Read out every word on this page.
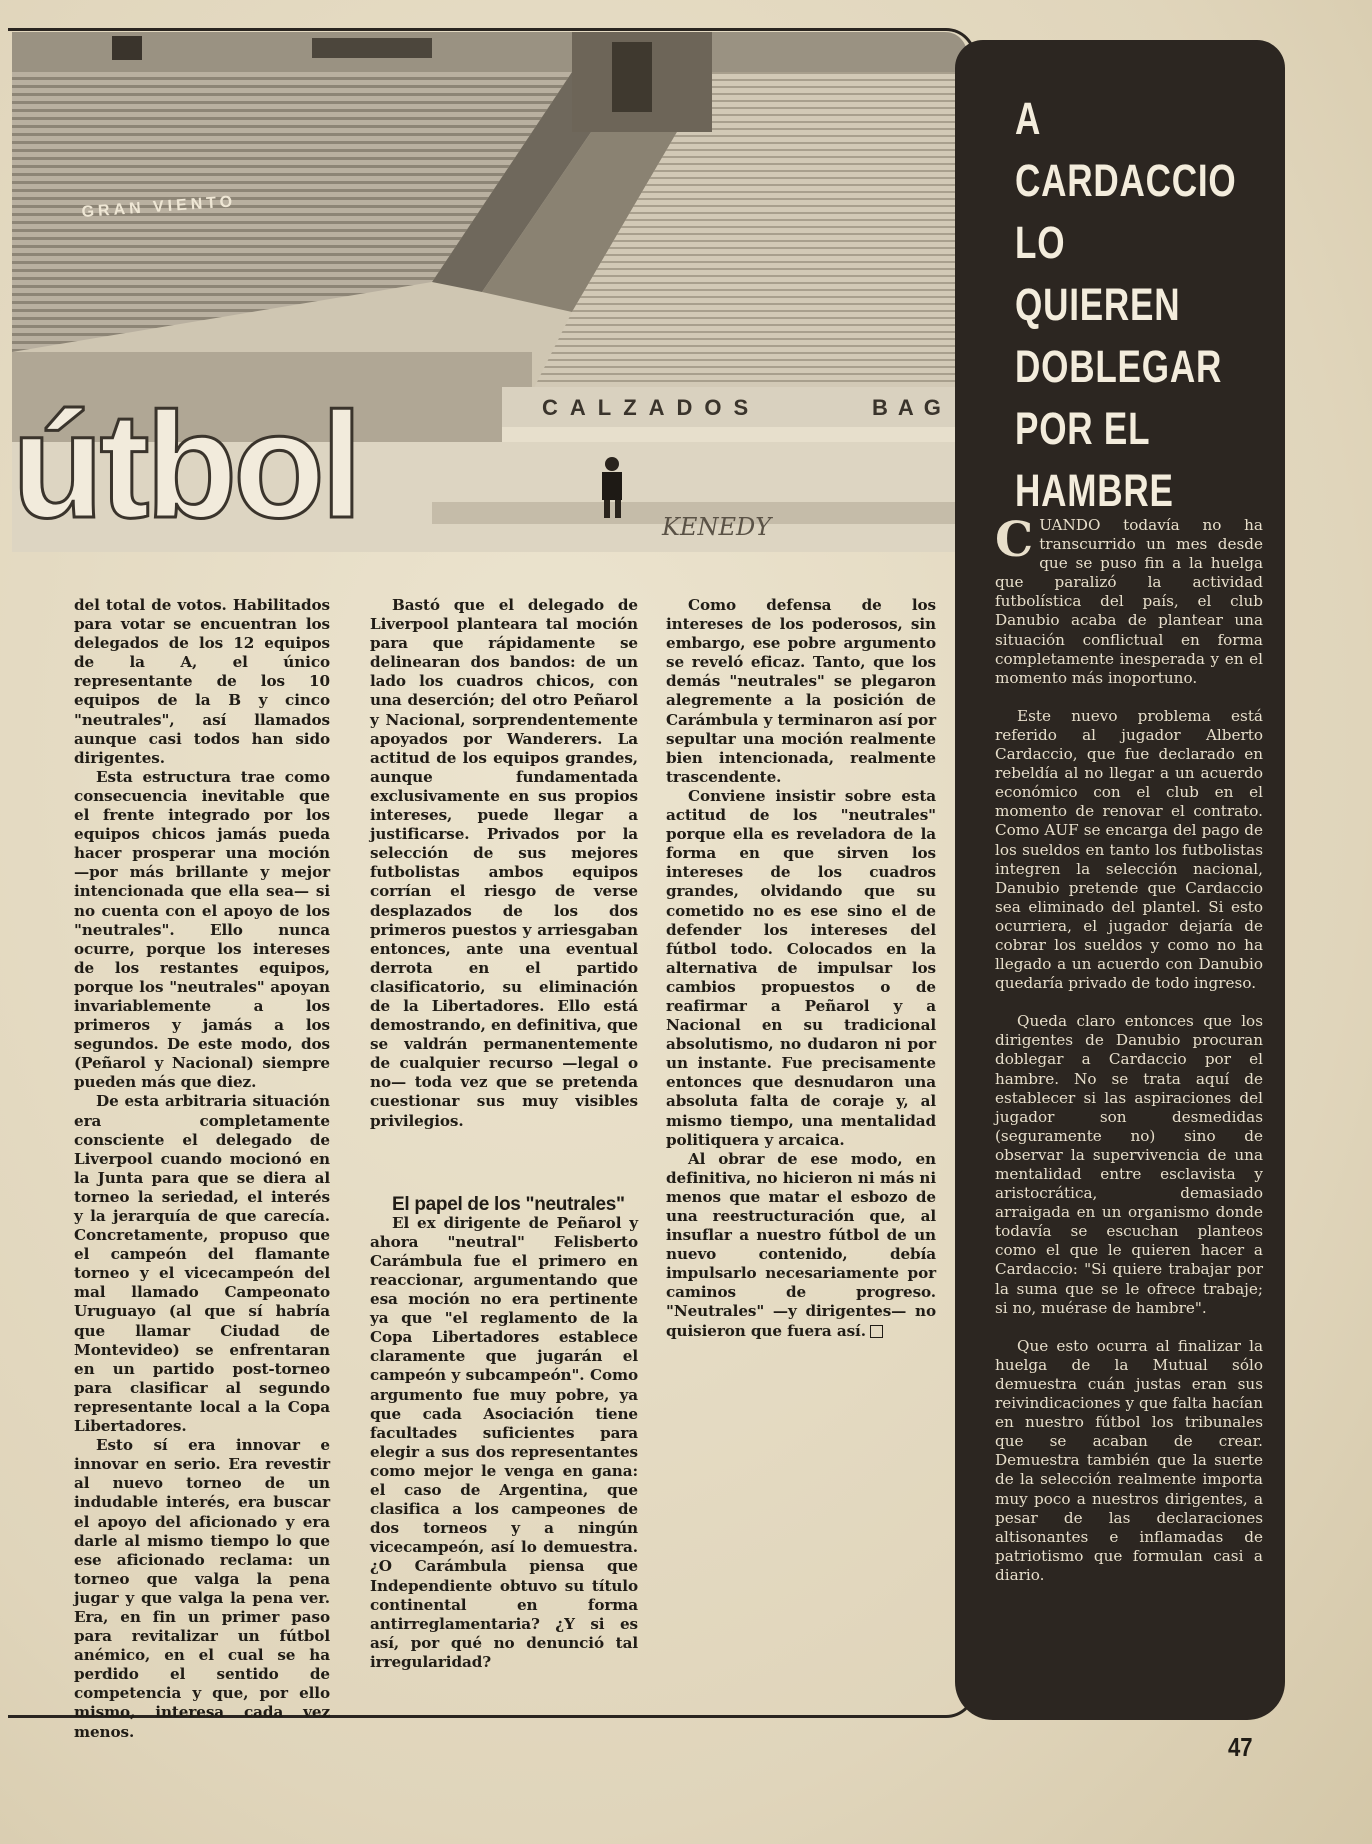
CALZADOS	BAG
GRAN VIENTO
KENEDY
útbol

del total de votos. Habilitados para votar se encuentran los delegados de los 12 equipos de la A, el único representante de los 10 equipos de la B y cinco "neutrales", así llamados aunque casi todos han sido dirigentes.

Esta estructura trae como consecuencia inevitable que el frente integrado por los equipos chicos jamás pueda hacer prosperar una moción —por más brillante y mejor intencionada que ella sea— si no cuenta con el apoyo de los "neutrales". Ello nunca ocurre, porque los intereses de los restantes equipos, porque los "neutrales" apoyan invariablemente a los primeros y jamás a los segundos. De este modo, dos (Peñarol y Nacional) siempre pueden más que diez.

De esta arbitraria situación era completamente consciente el delegado de Liverpool cuando mocionó en la Junta para que se diera al torneo la seriedad, el interés y la jerarquía de que carecía. Concretamente, propuso que el campeón del flamante torneo y el vicecampeón del mal llamado Campeonato Uruguayo (al que sí habría que llamar Ciudad de Montevideo) se enfrentaran en un partido post-torneo para clasificar al segundo representante local a la Copa Libertadores.

Esto sí era innovar e innovar en serio. Era revestir al nuevo torneo de un indudable interés, era buscar el apoyo del aficionado y era darle al mismo tiempo lo que ese aficionado reclama: un torneo que valga la pena jugar y que valga la pena ver. Era, en fin un primer paso para revitalizar un fútbol anémico, en el cual se ha perdido el sentido de competencia y que, por ello mismo, interesa cada vez menos.

Bastó que el delegado de Liverpool planteara tal moción para que rápidamente se delinearan dos bandos: de un lado los cuadros chicos, con una deserción; del otro Peñarol y Nacional, sorprendentemente apoyados por Wanderers. La actitud de los equipos grandes, aunque fundamentada exclusivamente en sus propios intereses, puede llegar a justificarse. Privados por la selección de sus mejores futbolistas ambos equipos corrían el riesgo de verse desplazados de los dos primeros puestos y arriesgaban entonces, ante una eventual derrota en el partido clasificatorio, su eliminación de la Libertadores. Ello está demostrando, en definitiva, que se valdrán permanentemente de cualquier recurso —legal o no— toda vez que se pretenda cuestionar sus muy visibles privilegios.

El papel de los "neutrales"

El ex dirigente de Peñarol y ahora "neutral" Felisberto Carámbula fue el primero en reaccionar, argumentando que esa moción no era pertinente ya que "el reglamento de la Copa Libertadores establece claramente que jugarán el campeón y subcampeón". Como argumento fue muy pobre, ya que cada Asociación tiene facultades suficientes para elegir a sus dos representantes como mejor le venga en gana: el caso de Argentina, que clasifica a los campeones de dos torneos y a ningún vicecampeón, así lo demuestra. ¿O Carámbula piensa que Independiente obtuvo su título continental en forma antirreglamentaria? ¿Y si es así, por qué no denunció tal irregularidad?

Como defensa de los intereses de los poderosos, sin embargo, ese pobre argumento se reveló eficaz. Tanto, que los demás "neutrales" se plegaron alegremente a la posición de Carámbula y terminaron así por sepultar una moción realmente bien intencionada, realmente trascendente.

Conviene insistir sobre esta actitud de los "neutrales" porque ella es reveladora de la forma en que sirven los intereses de los cuadros grandes, olvidando que su cometido no es ese sino el de defender los intereses del fútbol todo. Colocados en la alternativa de impulsar los cambios propuestos o de reafirmar a Peñarol y a Nacional en su tradicional absolutismo, no dudaron ni por un instante. Fue precisamente entonces que desnudaron una absoluta falta de coraje y, al mismo tiempo, una mentalidad politiquera y arcaica.

Al obrar de ese modo, en definitiva, no hicieron ni más ni menos que matar el esbozo de una reestructuración que, al insuflar a nuestro fútbol de un nuevo contenido, debía impulsarlo necesariamente por caminos de progreso. "Neutrales" —y dirigentes— no quisieron que fuera así.

A
CARDACCIO
LO QUIEREN
DOBLEGAR
POR EL
HAMBRE

CUANDO todavía no ha transcurrido un mes desde que se puso fin a la huelga que paralizó la actividad futbolística del país, el club Danubio acaba de plantear una situación conflictual en forma completamente inesperada y en el momento más inoportuno.

Este nuevo problema está referido al jugador Alberto Cardaccio, que fue declarado en rebeldía al no llegar a un acuerdo económico con el club en el momento de renovar el contrato. Como AUF se encarga del pago de los sueldos en tanto los futbolistas integren la selección nacional, Danubio pretende que Cardaccio sea eliminado del plantel. Si esto ocurriera, el jugador dejaría de cobrar los sueldos y como no ha llegado a un acuerdo con Danubio quedaría privado de todo ingreso.

Queda claro entonces que los dirigentes de Danubio procuran doblegar a Cardaccio por el hambre. No se trata aquí de establecer si las aspiraciones del jugador son desmedidas (seguramente no) sino de observar la supervivencia de una mentalidad entre esclavista y aristocrática, demasiado arraigada en un organismo donde todavía se escuchan planteos como el que le quieren hacer a Cardaccio: "Si quiere trabajar por la suma que se le ofrece trabaje; si no, muérase de hambre".

Que esto ocurra al finalizar la huelga de la Mutual sólo demuestra cuán justas eran sus reivindicaciones y que falta hacían en nuestro fútbol los tribunales que se acaban de crear. Demuestra también que la suerte de la selección realmente importa muy poco a nuestros dirigentes, a pesar de las declaraciones altisonantes e inflamadas de patriotismo que formulan casi a diario.

47
